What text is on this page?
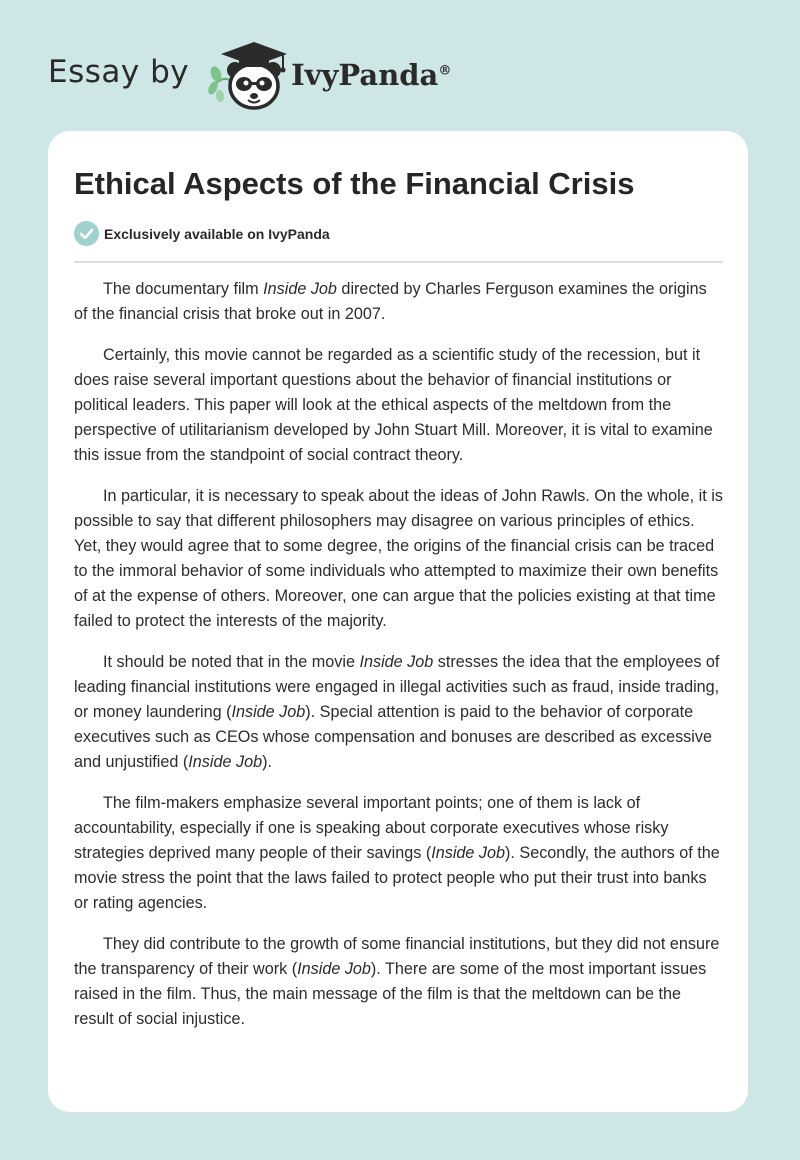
Essay by	IvyPanda®
Ethical Aspects of the Financial Crisis
Exclusively available on IvyPanda

The documentary film Inside Job directed by Charles Ferguson examines the origins of the financial crisis that broke out in 2007.

Certainly, this movie cannot be regarded as a scientific study of the recession, but it does raise several important questions about the behavior of financial institutions or political leaders. This paper will look at the ethical aspects of the meltdown from the perspective of utilitarianism developed by John Stuart Mill. Moreover, it is vital to examine this issue from the standpoint of social contract theory.

In particular, it is necessary to speak about the ideas of John Rawls. On the whole, it is possible to say that different philosophers may disagree on various principles of ethics. Yet, they would agree that to some degree, the origins of the financial crisis can be traced to the immoral behavior of some individuals who attempted to maximize their own benefits of at the expense of others. Moreover, one can argue that the policies existing at that time failed to protect the interests of the majority.

It should be noted that in the movie Inside Job stresses the idea that the employees of leading financial institutions were engaged in illegal activities such as fraud, inside trading, or money laundering (Inside Job). Special attention is paid to the behavior of corporate executives such as CEOs whose compensation and bonuses are described as excessive and unjustified (Inside Job).

The film-makers emphasize several important points; one of them is lack of accountability, especially if one is speaking about corporate executives whose risky strategies deprived many people of their savings (Inside Job). Secondly, the authors of the movie stress the point that the laws failed to protect people who put their trust into banks or rating agencies.

They did contribute to the growth of some financial institutions, but they did not ensure the transparency of their work (Inside Job). There are some of the most important issues raised in the film. Thus, the main message of the film is that the meltdown can be the result of social injustice.
